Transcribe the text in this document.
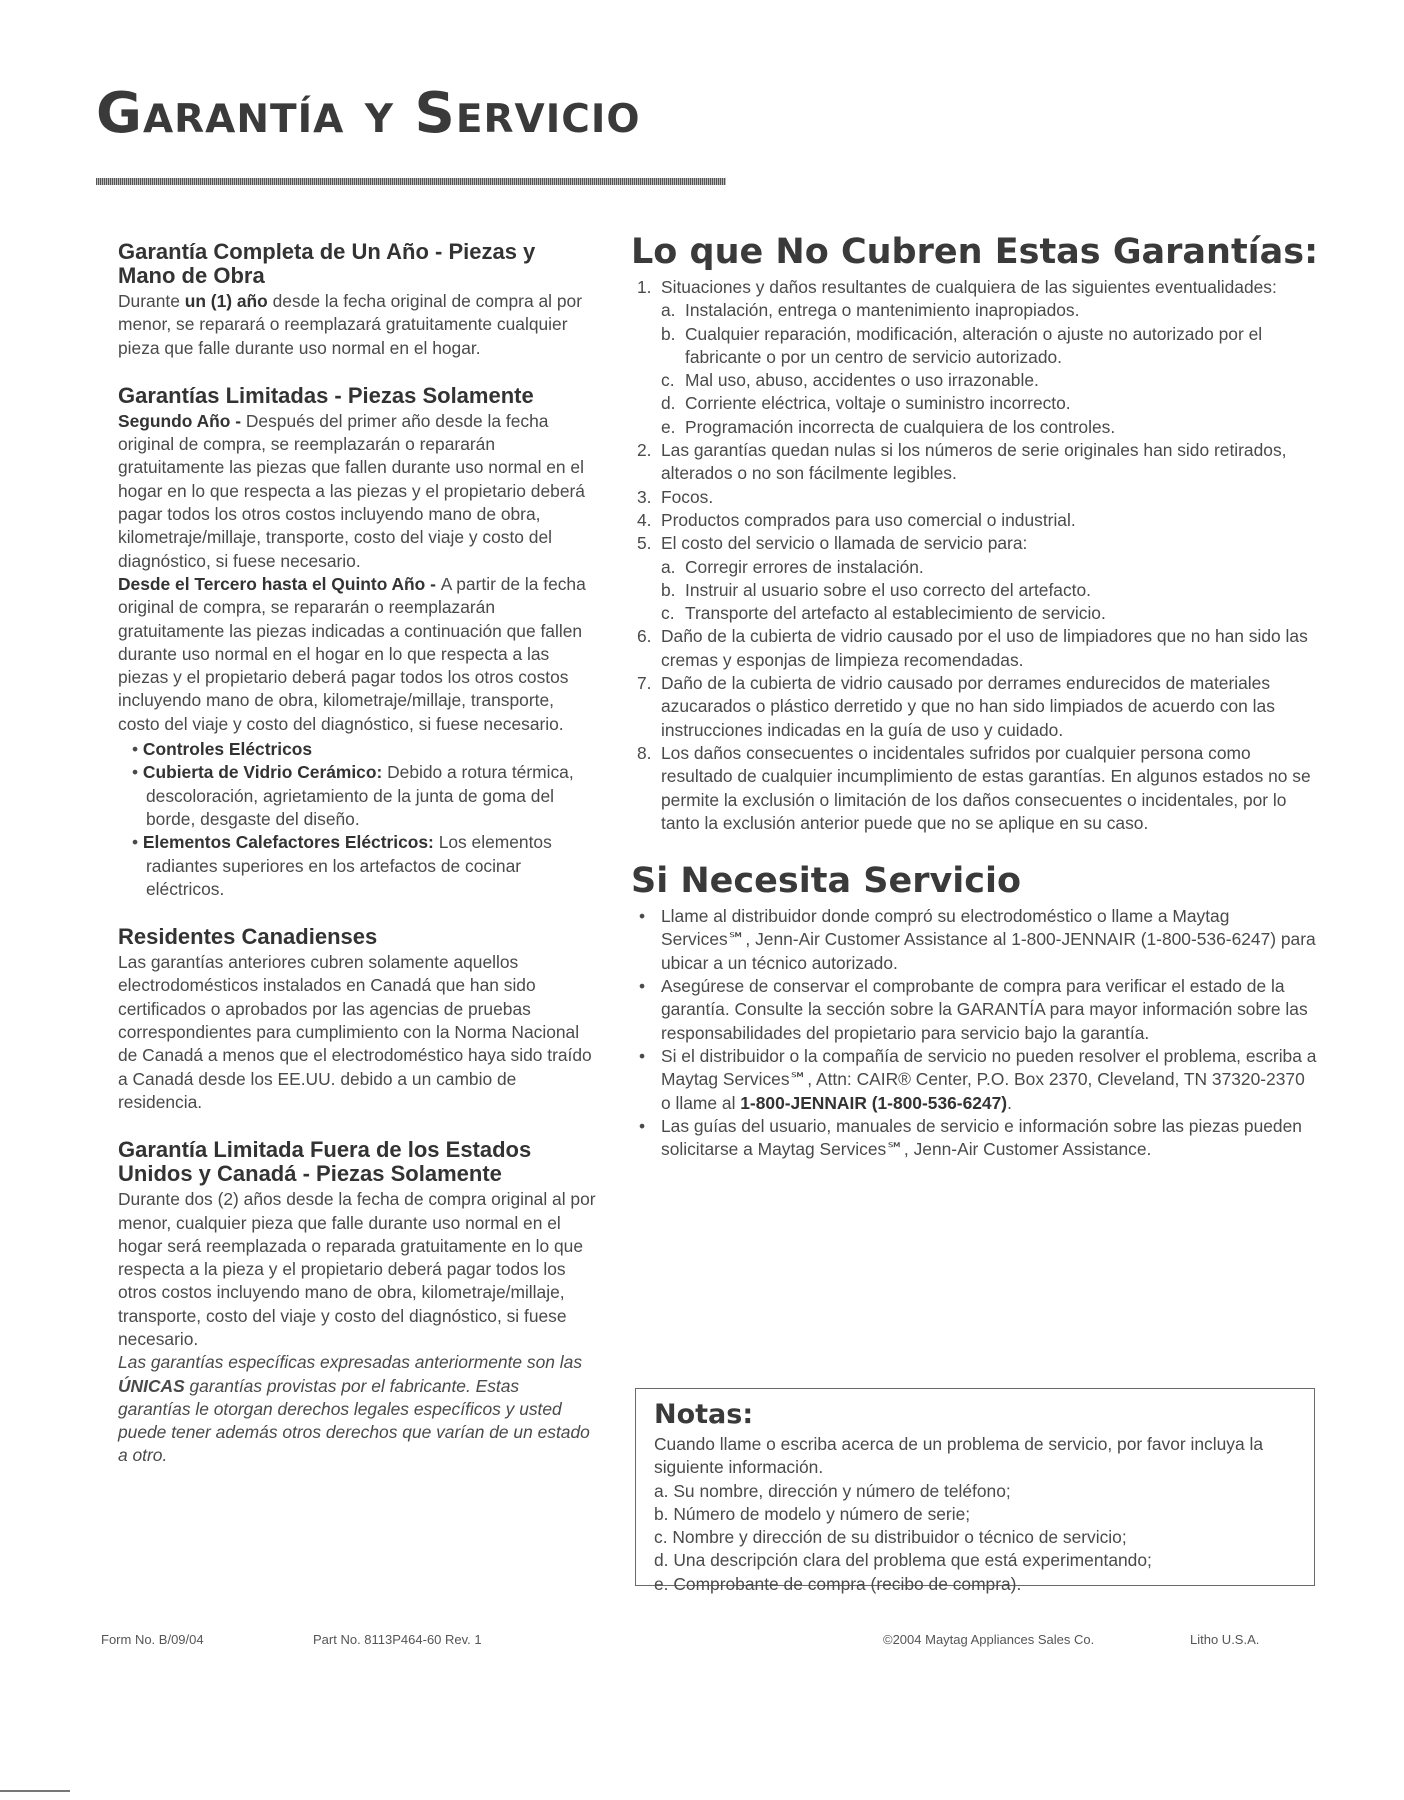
Garantía y Servicio
Garantía Completa de Un Año - Piezas y Mano de Obra

Durante un (1) año desde la fecha original de compra al por menor, se reparará o reemplazará gratuitamente cualquier pieza que falle durante uso normal en el hogar.

Garantías Limitadas - Piezas Solamente

Segundo Año - Después del primer año desde la fecha original de compra, se reemplazarán o repararán gratuitamente las piezas que fallen durante uso normal en el hogar en lo que respecta a las piezas y el propietario deberá pagar todos los otros costos incluyendo mano de obra, kilometraje/millaje, transporte, costo del viaje y costo del diagnóstico, si fuese necesario.

Desde el Tercero hasta el Quinto Año - A partir de la fecha original de compra, se repararán o reemplazarán gratuitamente las piezas indicadas a continuación que fallen durante uso normal en el hogar en lo que respecta a las piezas y el propietario deberá pagar todos los otros costos incluyendo mano de obra, kilometraje/millaje, transporte, costo del viaje y costo del diagnóstico, si fuese necesario.

• Controles Eléctricos
• Cubierta de Vidrio Cerámico: Debido a rotura térmica, descoloración, agrietamiento de la junta de goma del borde, desgaste del diseño.
• Elementos Calefactores Eléctricos: Los elementos radiantes superiores en los artefactos de cocinar eléctricos.
Residentes Canadienses

Las garantías anteriores cubren solamente aquellos electrodomésticos instalados en Canadá que han sido certificados o aprobados por las agencias de pruebas correspondientes para cumplimiento con la Norma Nacional de Canadá a menos que el electrodoméstico haya sido traído a Canadá desde los EE.UU. debido a un cambio de residencia.

Garantía Limitada Fuera de los Estados Unidos y Canadá - Piezas Solamente

Durante dos (2) años desde la fecha de compra original al por menor, cualquier pieza que falle durante uso normal en el hogar será reemplazada o reparada gratuitamente en lo que respecta a la pieza y el propietario deberá pagar todos los otros costos incluyendo mano de obra, kilometraje/millaje, transporte, costo del viaje y costo del diagnóstico, si fuese necesario.

Las garantías específicas expresadas anteriormente son las ÚNICAS garantías provistas por el fabricante. Estas garantías le otorgan derechos legales específicos y usted puede tener además otros derechos que varían de un estado a otro.

Lo que No Cubren Estas Garantías:
1. Situaciones y daños resultantes de cualquiera de las siguientes eventualidades:
a. Instalación, entrega o mantenimiento inapropiados.
b. Cualquier reparación, modificación, alteración o ajuste no autorizado por el fabricante o por un centro de servicio autorizado.
c. Mal uso, abuso, accidentes o uso irrazonable.
d. Corriente eléctrica, voltaje o suministro incorrecto.
e. Programación incorrecta de cualquiera de los controles.
2. Las garantías quedan nulas si los números de serie originales han sido retirados, alterados o no son fácilmente legibles.
3. Focos.
4. Productos comprados para uso comercial o industrial.
5. El costo del servicio o llamada de servicio para:
a. Corregir errores de instalación.
b. Instruir al usuario sobre el uso correcto del artefacto.
c. Transporte del artefacto al establecimiento de servicio.
6. Daño de la cubierta de vidrio causado por el uso de limpiadores que no han sido las cremas y esponjas de limpieza recomendadas.
7. Daño de la cubierta de vidrio causado por derrames endurecidos de materiales azucarados o plástico derretido y que no han sido limpiados de acuerdo con las instrucciones indicadas en la guía de uso y cuidado.
8. Los daños consecuentes o incidentales sufridos por cualquier persona como resultado de cualquier incumplimiento de estas garantías. En algunos estados no se permite la exclusión o limitación de los daños consecuentes o incidentales, por lo tanto la exclusión anterior puede que no se aplique en su caso.
Si Necesita Servicio
• Llame al distribuidor donde compró su electrodoméstico o llame a Maytag Services℠, Jenn-Air Customer Assistance al 1-800-JENNAIR (1-800-536-6247) para ubicar a un técnico autorizado.
• Asegúrese de conservar el comprobante de compra para verificar el estado de la garantía. Consulte la sección sobre la GARANTÍA para mayor información sobre las responsabilidades del propietario para servicio bajo la garantía.
• Si el distribuidor o la compañía de servicio no pueden resolver el problema, escriba a Maytag Services℠, Attn: CAIR® Center, P.O. Box 2370, Cleveland, TN 37320-2370 o llame al 1-800-JENNAIR (1-800-536-6247).
• Las guías del usuario, manuales de servicio e información sobre las piezas pueden solicitarse a Maytag Services℠, Jenn-Air Customer Assistance.
Notas:

Cuando llame o escriba acerca de un problema de servicio, por favor incluya la siguiente información.

a. Su nombre, dirección y número de teléfono;

b. Número de modelo y número de serie;

c. Nombre y dirección de su distribuidor o técnico de servicio;

d. Una descripción clara del problema que está experimentando;

e. Comprobante de compra (recibo de compra).

Form No. B/09/04	Part No. 8113P464-60 Rev. 1	©2004 Maytag Appliances Sales Co.	Litho U.S.A.
